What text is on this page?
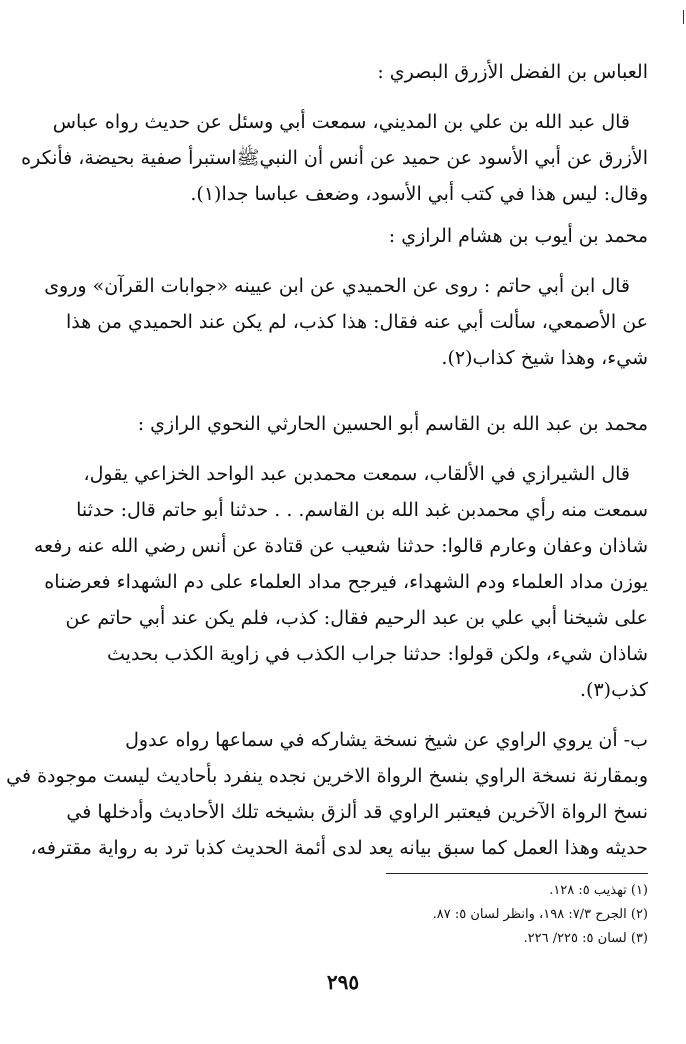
العباس بن الفضل الأزرق البصري :
قال عبد الله بن علي بن المديني، سمعت أبي وسئل عن حديث رواه عباس
الأزرق عن أبي الأسود عن حميد عن أنس أن النبيﷺاستبرأ صفية بحيضة، فأنكره
وقال: ليس هذا في كتب أبي الأسود، وضعف عباسا جدا(١).
محمد بن أيوب بن هشام الرازي :
قال ابن أبي حاتم : روى عن الحميدي عن ابن عيينه «جوابات القرآن» وروى
عن الأصمعي، سألت أبي عنه فقال: هذا كذب، لم يكن عند الحميدي من هذا
شيء، وهذا شيخ كذاب(٢).
محمد بن عبد الله بن القاسم أبو الحسين الحارثي النحوي الرازي :
قال الشيرازي في الألقاب، سمعت محمدبن عبد الواحد الخزاعي يقول،
سمعت منه رأي محمدبن غبد الله بن القاسم. . . حدثنا أبو حاتم قال: حدثنا
شاذان وعفان وعارم قالوا: حدثنا شعيب عن قتادة عن أنس رضي الله عنه رفعه
يوزن مداد العلماء ودم الشهداء، فيرجح مداد العلماء على دم الشهداء فعرضناه
على شيخنا أبي علي بن عبد الرحيم فقال: كذب، فلم يكن عند أبي حاتم عن
شاذان شيء، ولكن قولوا: حدثنا جراب الكذب في زاوية الكذب بحديث
كذب(٣).
ب- أن يروي الراوي عن شيخ نسخة يشاركه في سماعها رواه عدول
وبمقارنة نسخة الراوي بنسخ الرواة الاخرين نجده ينفرد بأحاديث ليست موجودة في
نسخ الرواة الآخرين فيعتبر الراوي قد ألزق بشيخه تلك الأحاديث وأدخلها في
حديثه وهذا العمل كما سبق بيانه يعد لدى أئمة الحديث كذبا ترد به رواية مقترفه،
(١) تهذيب ٥: ١٢٨.
(٢) الجرح ٧/٣: ١٩٨، وانظر لسان ٥: ٨٧.
(٣) لسان ٥: ٢٢٥/ ٢٢٦.
٢٩٥
